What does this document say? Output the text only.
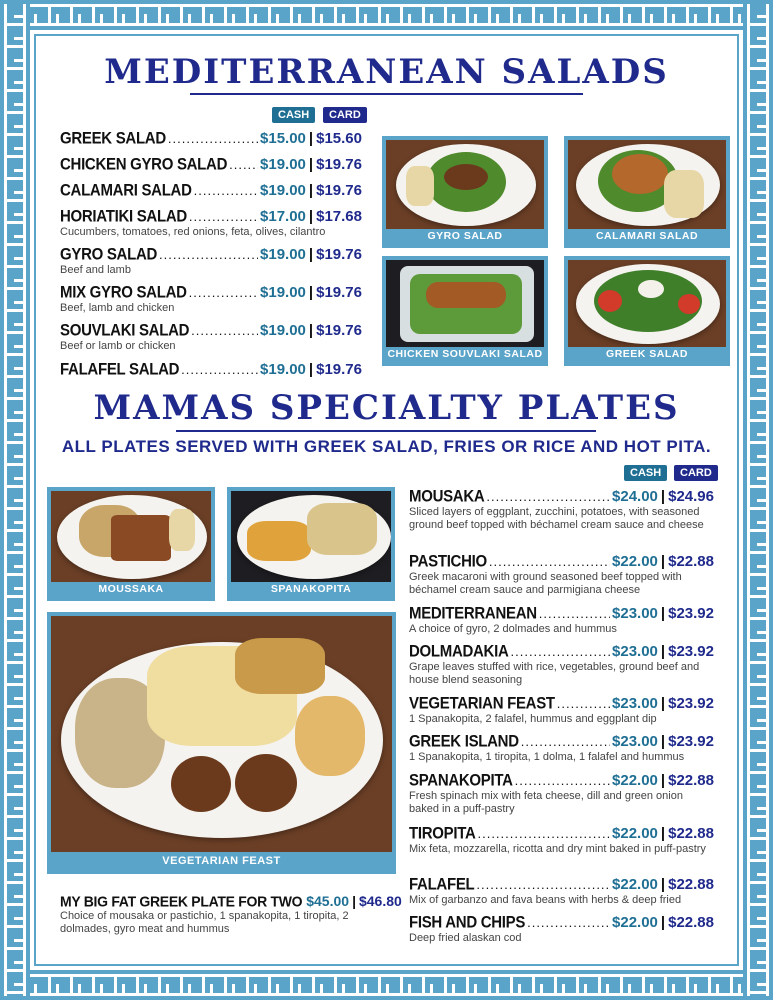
MEDITERRANEAN SALADS
CASH	CARD
GREEK SALAD .....	$15.00 | $15.60
CHICKEN GYRO SALAD ..... $19.00 | $19.76
CALAMARI SALAD .....	$19.00 | $19.76
HORIATIKI SALAD .....	$17.00 | $17.68
Cucumbers, tomatoes, red onions, feta, olives, cilantro
GYRO SALAD .....	$19.00 | $19.76
Beef and lamb
MIX GYRO SALAD .....	$19.00 | $19.76
Beef, lamb and chicken
SOUVLAKI SALAD .....	$19.00 | $19.76
Beef or lamb or chicken
FALAFEL SALAD .....	$19.00 | $19.76
GYRO SALAD	CALAMARI SALAD
CHICKEN SOUVLAKI SALAD	GREEK SALAD
MAMAS SPECIALTY PLATES
ALL PLATES SERVED WITH GREEK SALAD, FRIES OR RICE AND HOT PITA.
CASH	CARD
MOUSSAKA	SPANAKOPITA
VEGETARIAN FEAST
MY BIG FAT GREEK PLATE FOR TWO $45.00 | $46.80
Choice of mousaka or pastichio, 1 spanakopita, 1 tiropita, 2 dolmades, gyro meat and hummus
MOUSAKA .....	$24.00 | $24.96
Sliced layers of eggplant, zucchini, potatoes, with seasoned ground beef topped with béchamel cream sauce and cheese
PASTICHIO .....	$22.00 | $22.88
Greek macaroni with ground seasoned beef topped with béchamel cream sauce and parmigiana cheese
MEDITERRANEAN .....	$23.00 | $23.92
A choice of gyro, 2 dolmades and hummus
DOLMADAKIA .....	$23.00 | $23.92
Grape leaves stuffed with rice, vegetables, ground beef and house blend seasoning
VEGETARIAN FEAST .....	$23.00 | $23.92
1 Spanakopita, 2 falafel, hummus and eggplant dip
GREEK ISLAND .....	$23.00 | $23.92
1 Spanakopita, 1 tiropita, 1 dolma, 1 falafel and hummus
SPANAKOPITA .....	$22.00 | $22.88
Fresh spinach mix with feta cheese, dill and green onion baked in a puff-pastry
TIROPITA .....	$22.00 | $22.88
Mix feta, mozzarella, ricotta and dry mint baked in puff-pastry
FALAFEL .....	$22.00 | $22.88
Mix of garbanzo and fava beans with herbs & deep fried
FISH AND CHIPS .....	$22.00 | $22.88
Deep fried alaskan cod
